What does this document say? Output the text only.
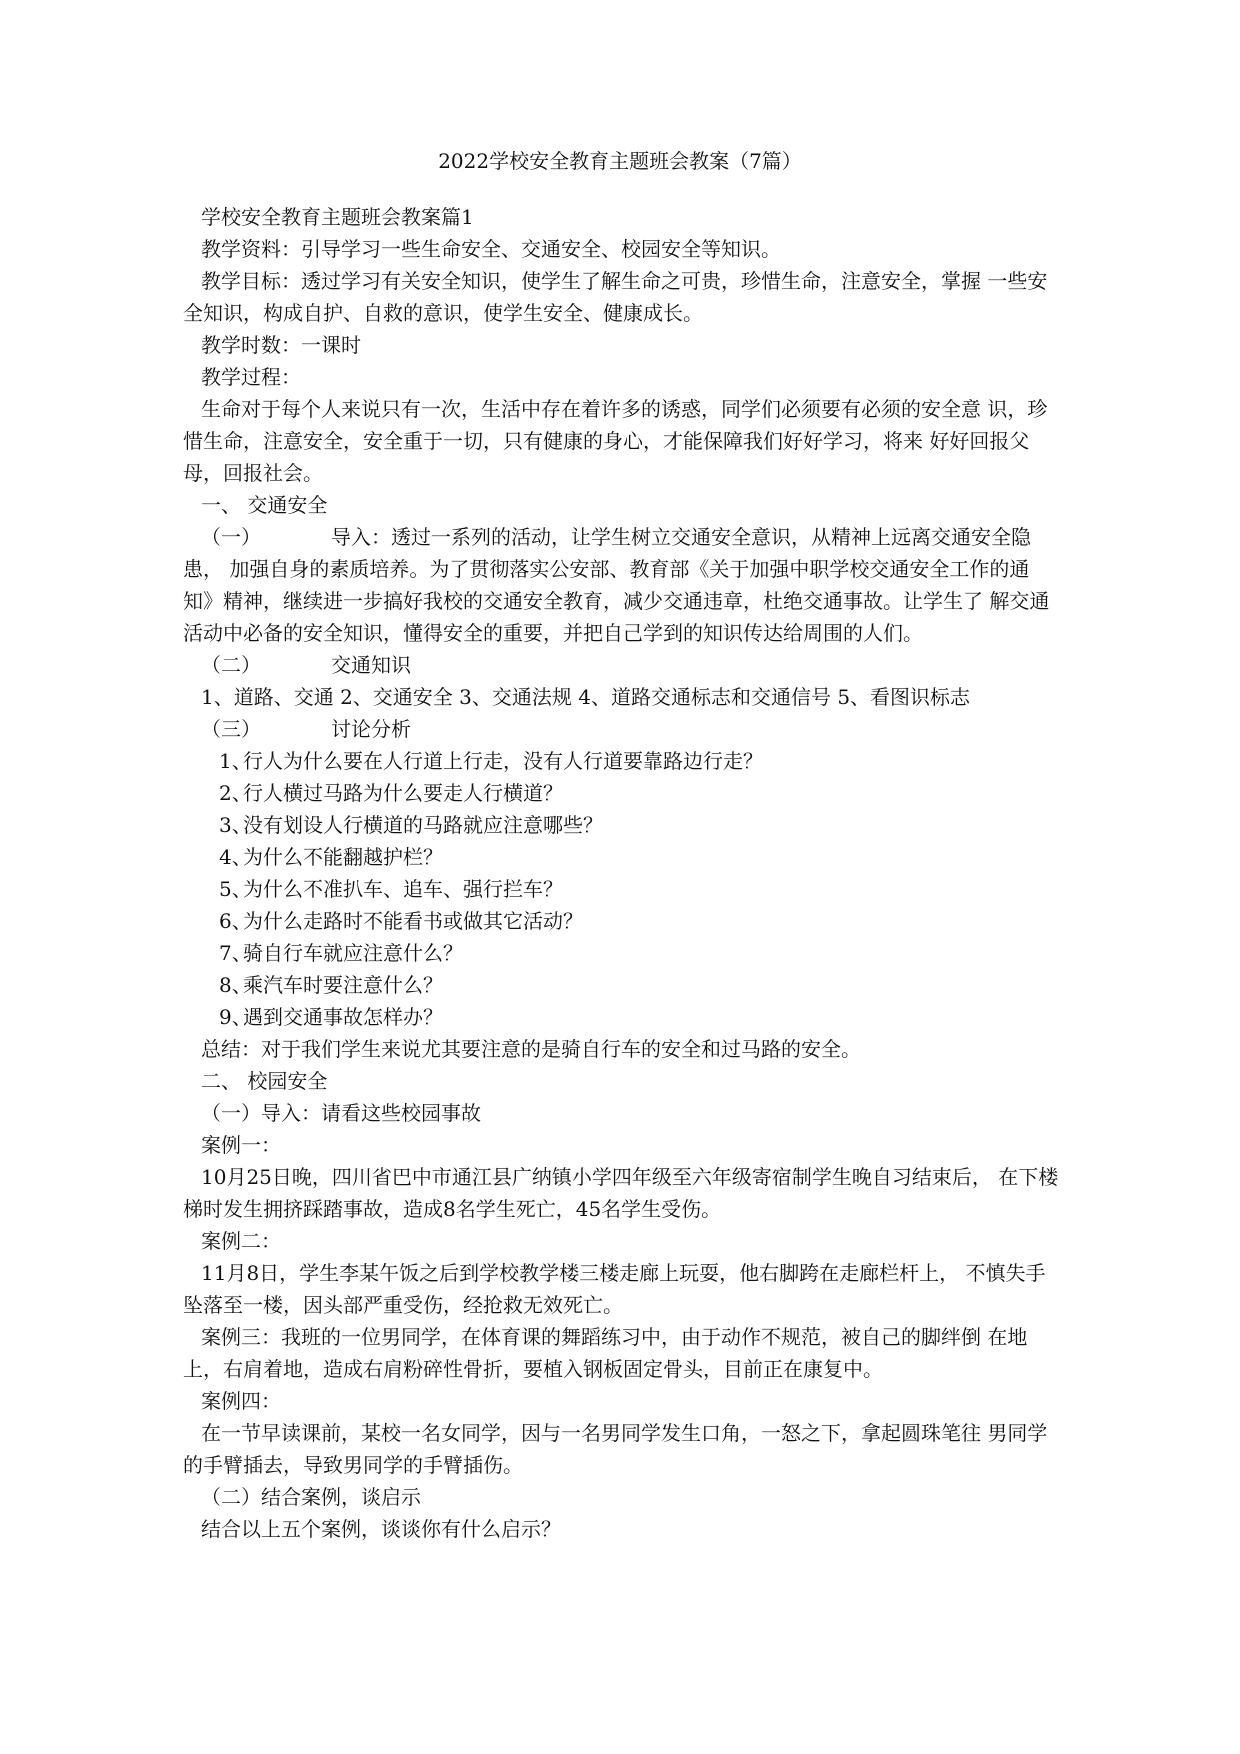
2022学校安全教育主题班会教案（7篇）

学校安全教育主题班会教案篇1

教学资料：引导学习一些生命安全、交通安全、校园安全等知识。

教学目标：透过学习有关安全知识，使学生了解生命之可贵，珍惜生命，注意安全，掌握 一些安全知识，构成自护、自救的意识，使学生安全、健康成长。

教学时数：一课时

教学过程：

生命对于每个人来说只有一次，生活中存在着许多的诱惑，同学们必须要有必须的安全意 识，珍惜生命，注意安全，安全重于一切，只有健康的身心，才能保障我们好好学习，将来 好好回报父母，回报社会。

一、 交通安全

（一）	导入：透过一系列的活动，让学生树立交通安全意识，从精神上远离交通安全隐患， 加强自身的素质培养。为了贯彻落实公安部、教育部《关于加强中职学校交通安全工作的通 知》精神，继续进一步搞好我校的交通安全教育，减少交通违章，杜绝交通事故。让学生了 解交通活动中必备的安全知识，懂得安全的重要，并把自己学到的知识传达给周围的人们。

（二）	交通知识

1、道路、交通 2、交通安全 3、交通法规 4、道路交通标志和交通信号 5、看图识标志

（三）	讨论分析

1、行人为什么要在人行道上行走，没有人行道要靠路边行走？

2、行人横过马路为什么要走人行横道？

3、没有划设人行横道的马路就应注意哪些？

4、为什么不能翻越护栏？

5、为什么不准扒车、追车、强行拦车？

6、为什么走路时不能看书或做其它活动？

7、骑自行车就应注意什么？

8、乘汽车时要注意什么？

9、遇到交通事故怎样办？

总结：对于我们学生来说尤其要注意的是骑自行车的安全和过马路的安全。

二、 校园安全

（一）导入：请看这些校园事故

案例一：

10月25日晚，四川省巴中市通江县广纳镇小学四年级至六年级寄宿制学生晚自习结束后， 在下楼梯时发生拥挤踩踏事故，造成8名学生死亡，45名学生受伤。

案例二：

11月8日，学生李某午饭之后到学校教学楼三楼走廊上玩耍，他右脚跨在走廊栏杆上， 不慎失手坠落至一楼，因头部严重受伤，经抢救无效死亡。

案例三：我班的一位男同学，在体育课的舞蹈练习中，由于动作不规范，被自己的脚绊倒 在地上，右肩着地，造成右肩粉碎性骨折，要植入钢板固定骨头，目前正在康复中。

案例四：

在一节早读课前，某校一名女同学，因与一名男同学发生口角，一怒之下，拿起圆珠笔往 男同学的手臂插去，导致男同学的手臂插伤。

（二）结合案例，谈启示

结合以上五个案例，谈谈你有什么启示？
